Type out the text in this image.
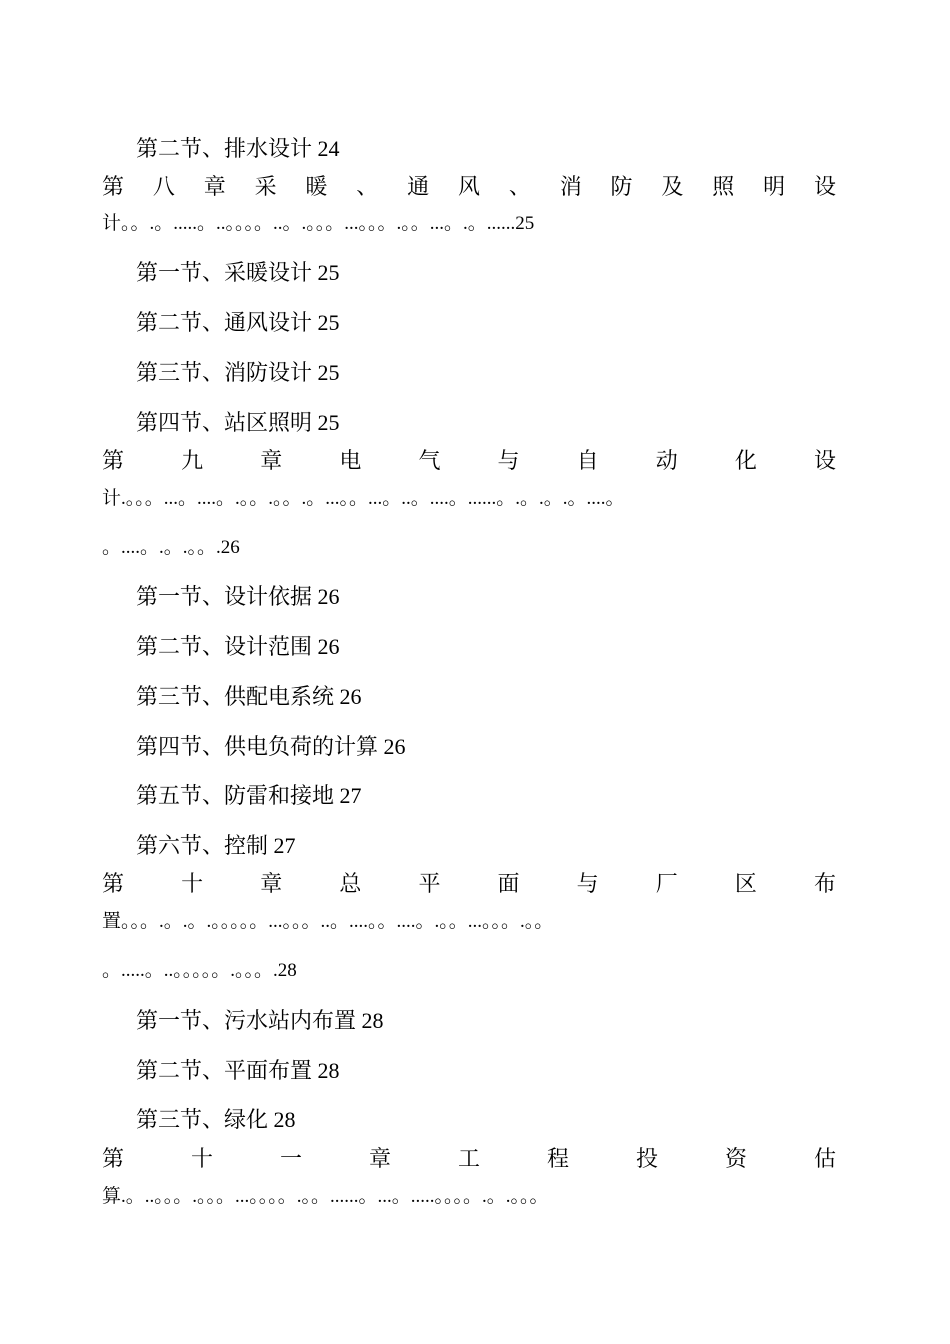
第二节、排水设计 24
第 八 章 采 暖 、 通 风 、 消 防 及 照 明 设
计。。.。.....。..。。。。..。.。。。...。。。.。。...。.。......25
第一节、采暖设计 25
第二节、通风设计 25
第三节、消防设计 25
第四节、站区照明 25
第 九 章 电 气 与 自 动 化 设
计.。。。...。....。.。。.。。.。...。。...。..。....。......。.。.。.。....。
。....。.。.。。.26
第一节、设计依据 26
第二节、设计范围 26
第三节、供配电系统 26
第四节、供电负荷的计算 26
第五节、防雷和接地 27
第六节、控制 27
第 十 章 总 平 面 与 厂 区 布
置。。。.。.。.。。。。。...。。。..。....。。....。.。。...。。。.。。
。.....。..。。。。。.。。。.28
第一节、污水站内布置 28
第二节、平面布置 28
第三节、绿化 28
第 十 一 章 工 程 投 资 估
算.。..。。。.。。。...。。。。.。。......。...。.....。。。。.。.。。。
